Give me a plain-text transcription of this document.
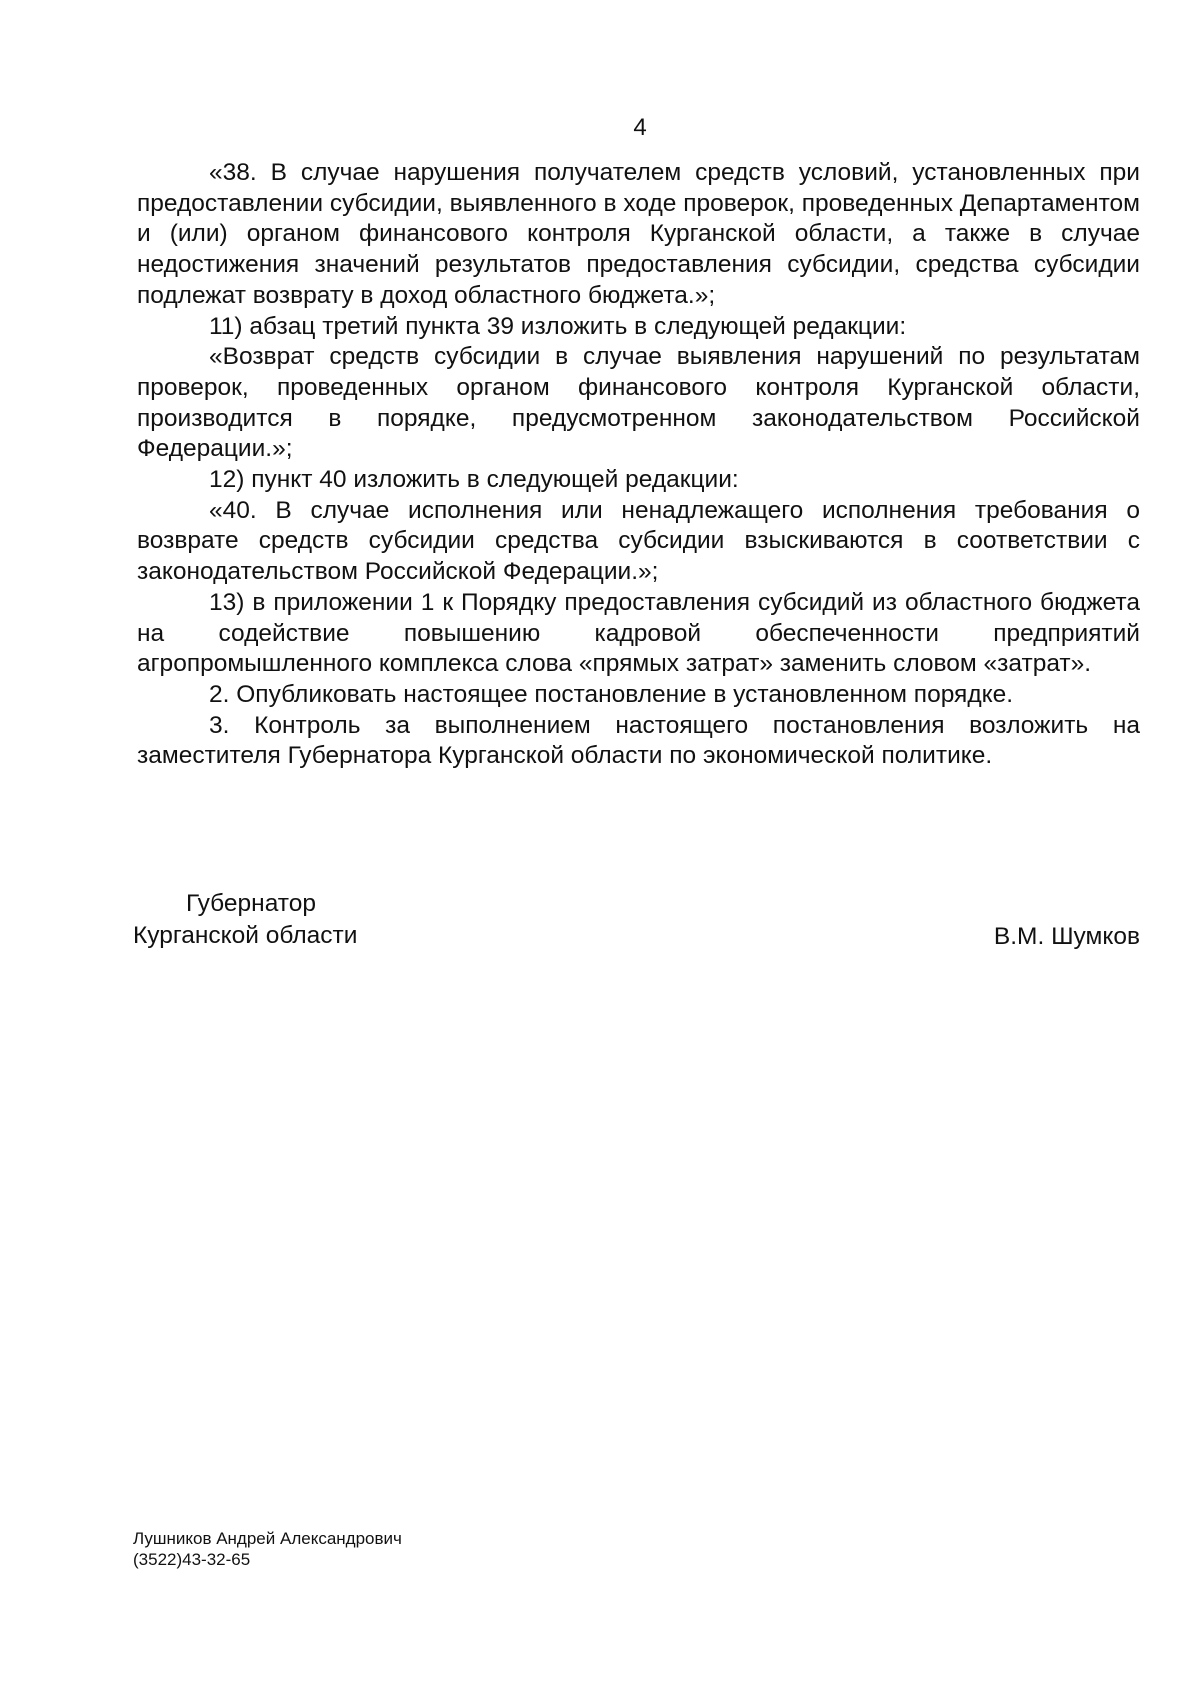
4

«38. В случае нарушения получателем средств условий, установленных при предоставлении субсидии, выявленного в ходе проверок, проведенных Департаментом и (или) органом финансового контроля Курганской области, а также в случае недостижения значений результатов предоставления субсидии, средства субсидии подлежат возврату в доход областного бюджета.»;

11) абзац третий пункта 39 изложить в следующей редакции:

«Возврат средств субсидии в случае выявления нарушений по результатам проверок, проведенных органом финансового контроля Курганской области, производится в порядке, предусмотренном законодательством Российской Федерации.»;

12) пункт 40 изложить в следующей редакции:

«40. В случае исполнения или ненадлежащего исполнения требования о возврате средств субсидии средства субсидии взыскиваются в соответствии с законодательством Российской Федерации.»;

13) в приложении 1 к Порядку предоставления субсидий из областного бюджета на содействие повышению кадровой обеспеченности предприятий агропромышленного комплекса слова «прямых затрат» заменить словом «затрат».

2. Опубликовать настоящее постановление в установленном порядке.

3. Контроль за выполнением настоящего постановления возложить на заместителя Губернатора Курганской области по экономической политике.

Губернатор
Курганской области	В.М. Шумков
Лушников Андрей Александрович
(3522)43-32-65
